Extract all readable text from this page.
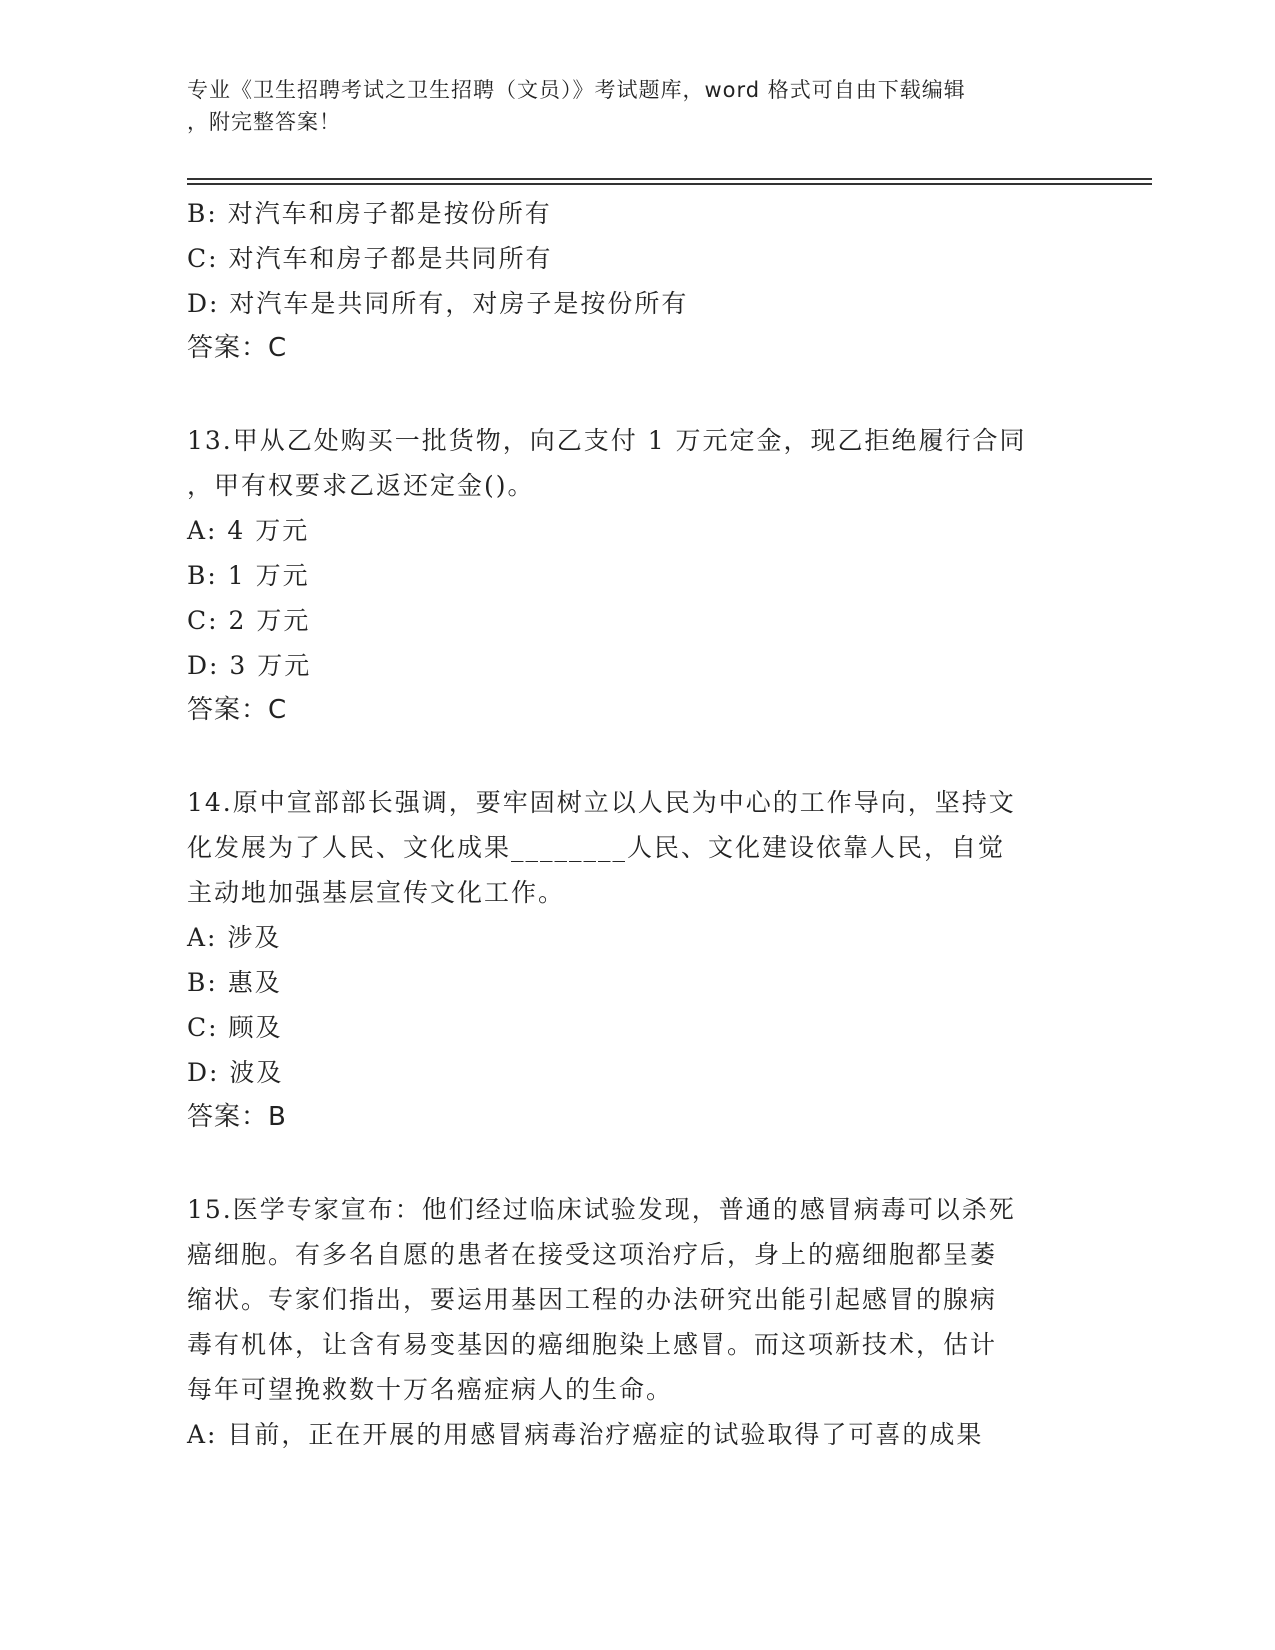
专业《卫生招聘考试之卫生招聘（文员）》考试题库，word 格式可自由下载编辑
，附完整答案！
B: 对汽车和房子都是按份所有
C: 对汽车和房子都是共同所有
D: 对汽车是共同所有，对房子是按份所有
答案：C
13.甲从乙处购买一批货物，向乙支付 1 万元定金，现乙拒绝履行合同
，甲有权要求乙返还定金()。
A: 4 万元
B: 1 万元
C: 2 万元
D: 3 万元
答案：C
14.原中宣部部长强调，要牢固树立以人民为中心的工作导向，坚持文
化发展为了人民、文化成果________人民、文化建设依靠人民，自觉
主动地加强基层宣传文化工作。
A: 涉及
B: 惠及
C: 顾及
D: 波及
答案：B
15.医学专家宣布：他们经过临床试验发现，普通的感冒病毒可以杀死
癌细胞。有多名自愿的患者在接受这项治疗后，身上的癌细胞都呈萎
缩状。专家们指出，要运用基因工程的办法研究出能引起感冒的腺病
毒有机体，让含有易变基因的癌细胞染上感冒。而这项新技术，估计
每年可望挽救数十万名癌症病人的生命。
A: 目前，正在开展的用感冒病毒治疗癌症的试验取得了可喜的成果
